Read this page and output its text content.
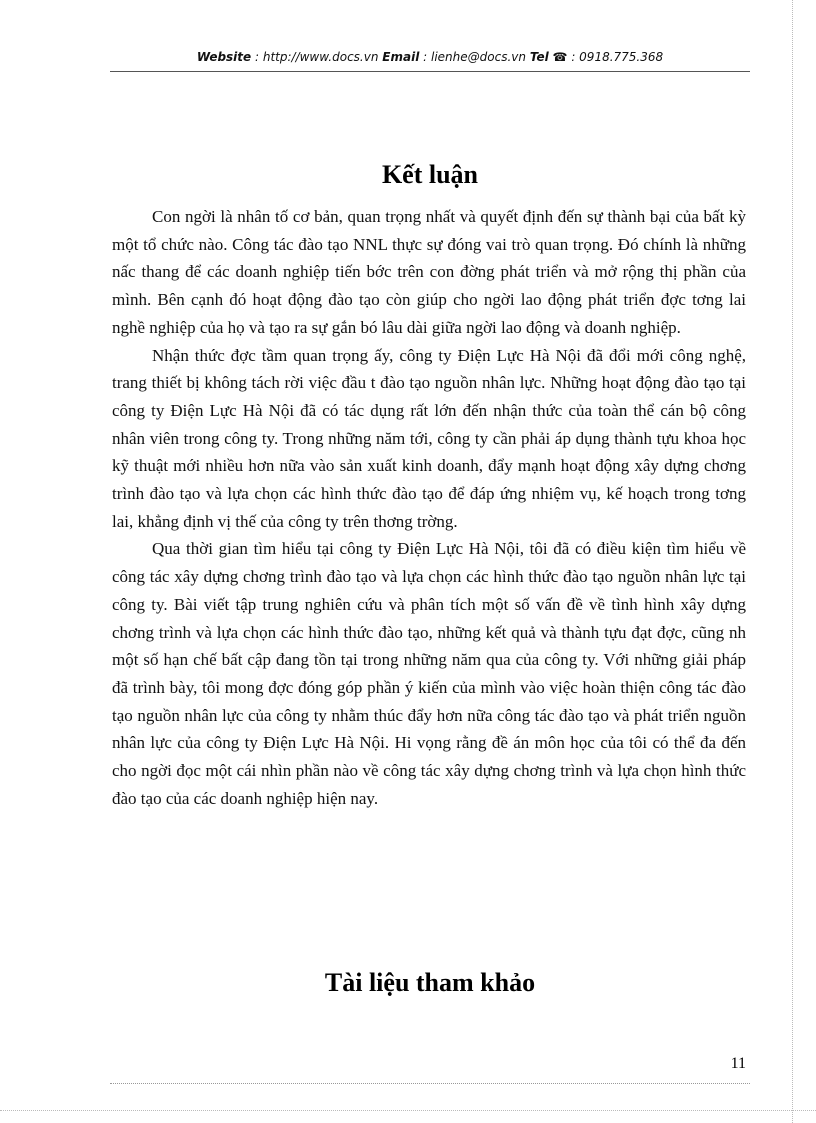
Website : http://www.docs.vn Email : lienhe@docs.vn Tel ☎ : 0918.775.368
Kết luận

Con ngời là nhân tố cơ bản, quan trọng nhất và quyết định đến sự thành bại của bất kỳ một tổ chức nào. Công tác đào tạo NNL thực sự đóng vai trò quan trọng. Đó chính là những nấc thang để các doanh nghiệp tiến bớc trên con đờng phát triển và mở rộng thị phần của mình. Bên cạnh đó hoạt động đào tạo còn giúp cho ngời lao động phát triển đợc tơng lai nghề nghiệp của họ và tạo ra sự gắn bó lâu dài giữa ngời lao động và doanh nghiệp.

Nhận thức đợc tầm quan trọng ấy, công ty Điện Lực Hà Nội đã đổi mới công nghệ, trang thiết bị không tách rời việc đầu t đào tạo nguồn nhân lực. Những hoạt động đào tạo tại công ty Điện Lực Hà Nội đã có tác dụng rất lớn đến nhận thức của toàn thể cán bộ công nhân viên trong công ty. Trong những năm tới, công ty cần phải áp dụng thành tựu khoa học kỹ thuật mới nhiều hơn nữa vào sản xuất kinh doanh, đẩy mạnh hoạt động xây dựng chơng trình đào tạo và lựa chọn các hình thức đào tạo để đáp ứng nhiệm vụ, kế hoạch trong tơng lai, khẳng định vị thế của công ty trên thơng trờng.

Qua thời gian tìm hiểu tại công ty Điện Lực Hà Nội, tôi đã có điều kiện tìm hiểu về công tác xây dựng chơng trình đào tạo và lựa chọn các hình thức đào tạo nguồn nhân lực tại công ty. Bài viết tập trung nghiên cứu và phân tích một số vấn đề về tình hình xây dựng chơng trình và lựa chọn các hình thức đào tạo, những kết quả và thành tựu đạt đợc, cũng nh một số hạn chế bất cập đang tồn tại trong những năm qua của công ty. Với những giải pháp đã trình bày, tôi mong đợc đóng góp phần ý kiến của mình vào việc hoàn thiện công tác đào tạo nguồn nhân lực của công ty nhằm thúc đẩy hơn nữa công tác đào tạo và phát triển nguồn nhân lực của công ty Điện Lực Hà Nội. Hi vọng rằng đề án môn học của tôi có thể đa đến cho ngời đọc một cái nhìn phần nào về công tác xây dựng chơng trình và lựa chọn hình thức đào tạo của các doanh nghiệp hiện nay.

Tài liệu tham khảo
11
